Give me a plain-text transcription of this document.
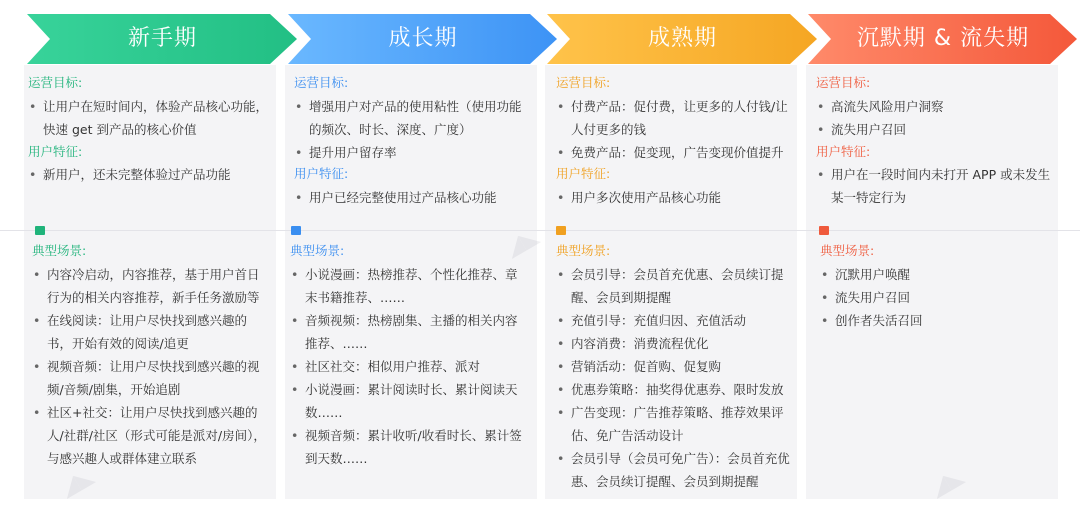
新手期	成长期	成熟期	沉默期 & 流失期
运营目标:
• 让用户在短时间内，体验产品核心功能，快速 get 到产品的核心价值
用户特征:
• 新用户，还未完整体验过产品功能
典型场景:
• 内容冷启动，内容推荐，基于用户首日行为的相关内容推荐，新手任务激励等
• 在线阅读：让用户尽快找到感兴趣的书，开始有效的阅读/追更
• 视频音频：让用户尽快找到感兴趣的视频/音频/剧集，开始追剧
• 社区+社交：让用户尽快找到感兴趣的人/社群/社区（形式可能是派对/房间），与感兴趣人或群体建立联系
运营目标:
• 增强用户对产品的使用粘性（使用功能的频次、时长、深度、广度）
• 提升用户留存率
用户特征:
• 用户已经完整使用过产品核心功能
典型场景:
• 小说漫画：热榜推荐、个性化推荐、章末书籍推荐、……
• 音频视频：热榜剧集、主播的相关内容推荐、……
• 社区社交：相似用户推荐、派对
• 小说漫画：累计阅读时长、累计阅读天数……
• 视频音频：累计收听/收看时长、累计签到天数……
运营目标:
• 付费产品：促付费，让更多的人付钱/让人付更多的钱
• 免费产品：促变现，广告变现价值提升
用户特征:
• 用户多次使用产品核心功能
典型场景:
• 会员引导：会员首充优惠、会员续订提醒、会员到期提醒
• 充值引导：充值归因、充值活动
• 内容消费：消费流程优化
• 营销活动：促首购、促复购
• 优惠券策略：抽奖得优惠券、限时发放
• 广告变现：广告推荐策略、推荐效果评估、免广告活动设计
• 会员引导（会员可免广告）：会员首充优惠、会员续订提醒、会员到期提醒
运营目标:
• 高流失风险用户洞察
• 流失用户召回
用户特征:
• 用户在一段时间内未打开 APP 或未发生某一特定行为
典型场景:
• 沉默用户唤醒
• 流失用户召回
• 创作者失活召回
